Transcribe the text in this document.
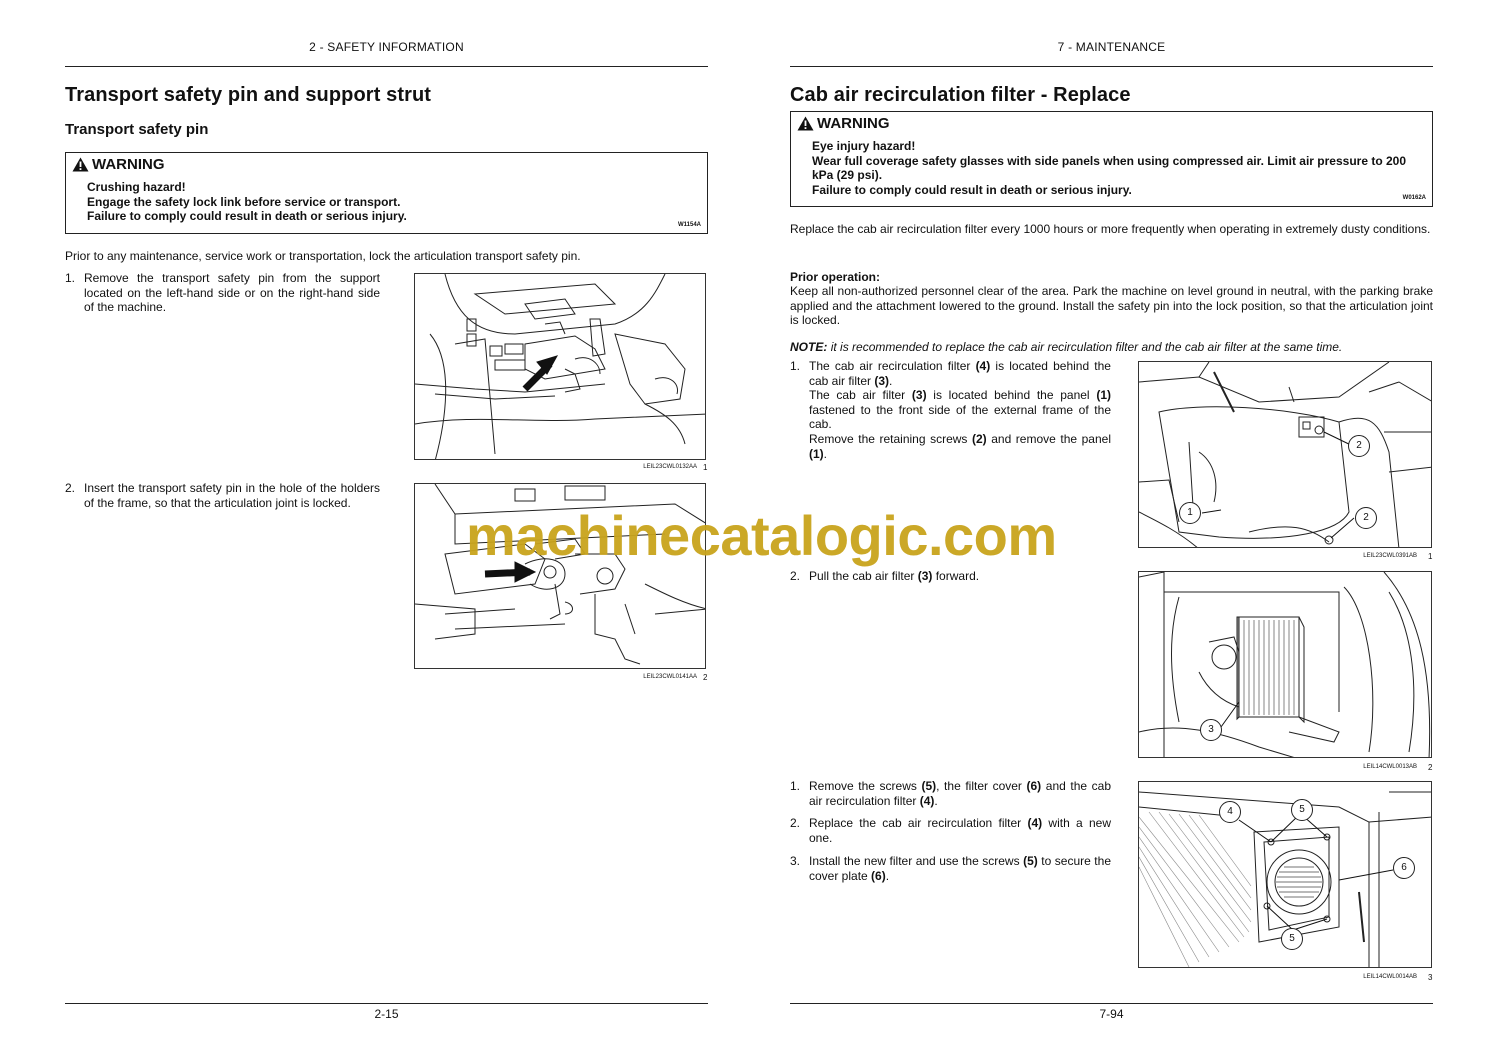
2 - SAFETY INFORMATION
Transport safety pin and support strut
Transport safety pin
WARNING
Crushing hazard!
Engage the safety lock link before service or transport.
Failure to comply could result in death or serious injury.
W1154A
Prior to any maintenance, service work or transportation, lock the articulation transport safety pin.
1. Remove the transport safety pin from the support located on the left-hand side or on the right-hand side of the machine.
2. Insert the transport safety pin in the hole of the holders of the frame, so that the articulation joint is locked.
LEIL23CWL0132AA 1
LEIL23CWL0141AA 2
2-15
7 - MAINTENANCE
Cab air recirculation filter - Replace
WARNING
Eye injury hazard!
Wear full coverage safety glasses with side panels when using compressed air. Limit air pressure to 200 kPa (29 psi).
Failure to comply could result in death or serious injury.
W0162A
Replace the cab air recirculation filter every 1000 hours or more frequently when operating in extremely dusty conditions.
Prior operation:
Keep all non-authorized personnel clear of the area. Park the machine on level ground in neutral, with the parking brake applied and the attachment lowered to the ground. Install the safety pin into the lock position, so that the articulation joint is locked.
NOTE: it is recommended to replace the cab air recirculation filter and the cab air filter at the same time.
1. The cab air recirculation filter (4) is located behind the cab air filter (3).
The cab air filter (3) is located behind the panel (1) fastened to the front side of the external frame of the cab.
Remove the retaining screws (2) and remove the panel (1).
2. Pull the cab air filter (3) forward.
1. Remove the screws (5), the filter cover (6) and the cab air recirculation filter (4).
2. Replace the cab air recirculation filter (4) with a new one.
3. Install the new filter and use the screws (5) to secure the cover plate (6).
2
1	2
LEIL23CWL0391AB 1
3
LEIL14CWL0013AB 2
4	5
6
5
LEIL14CWL0014AB 3
7-94
machinecatalogic.com
